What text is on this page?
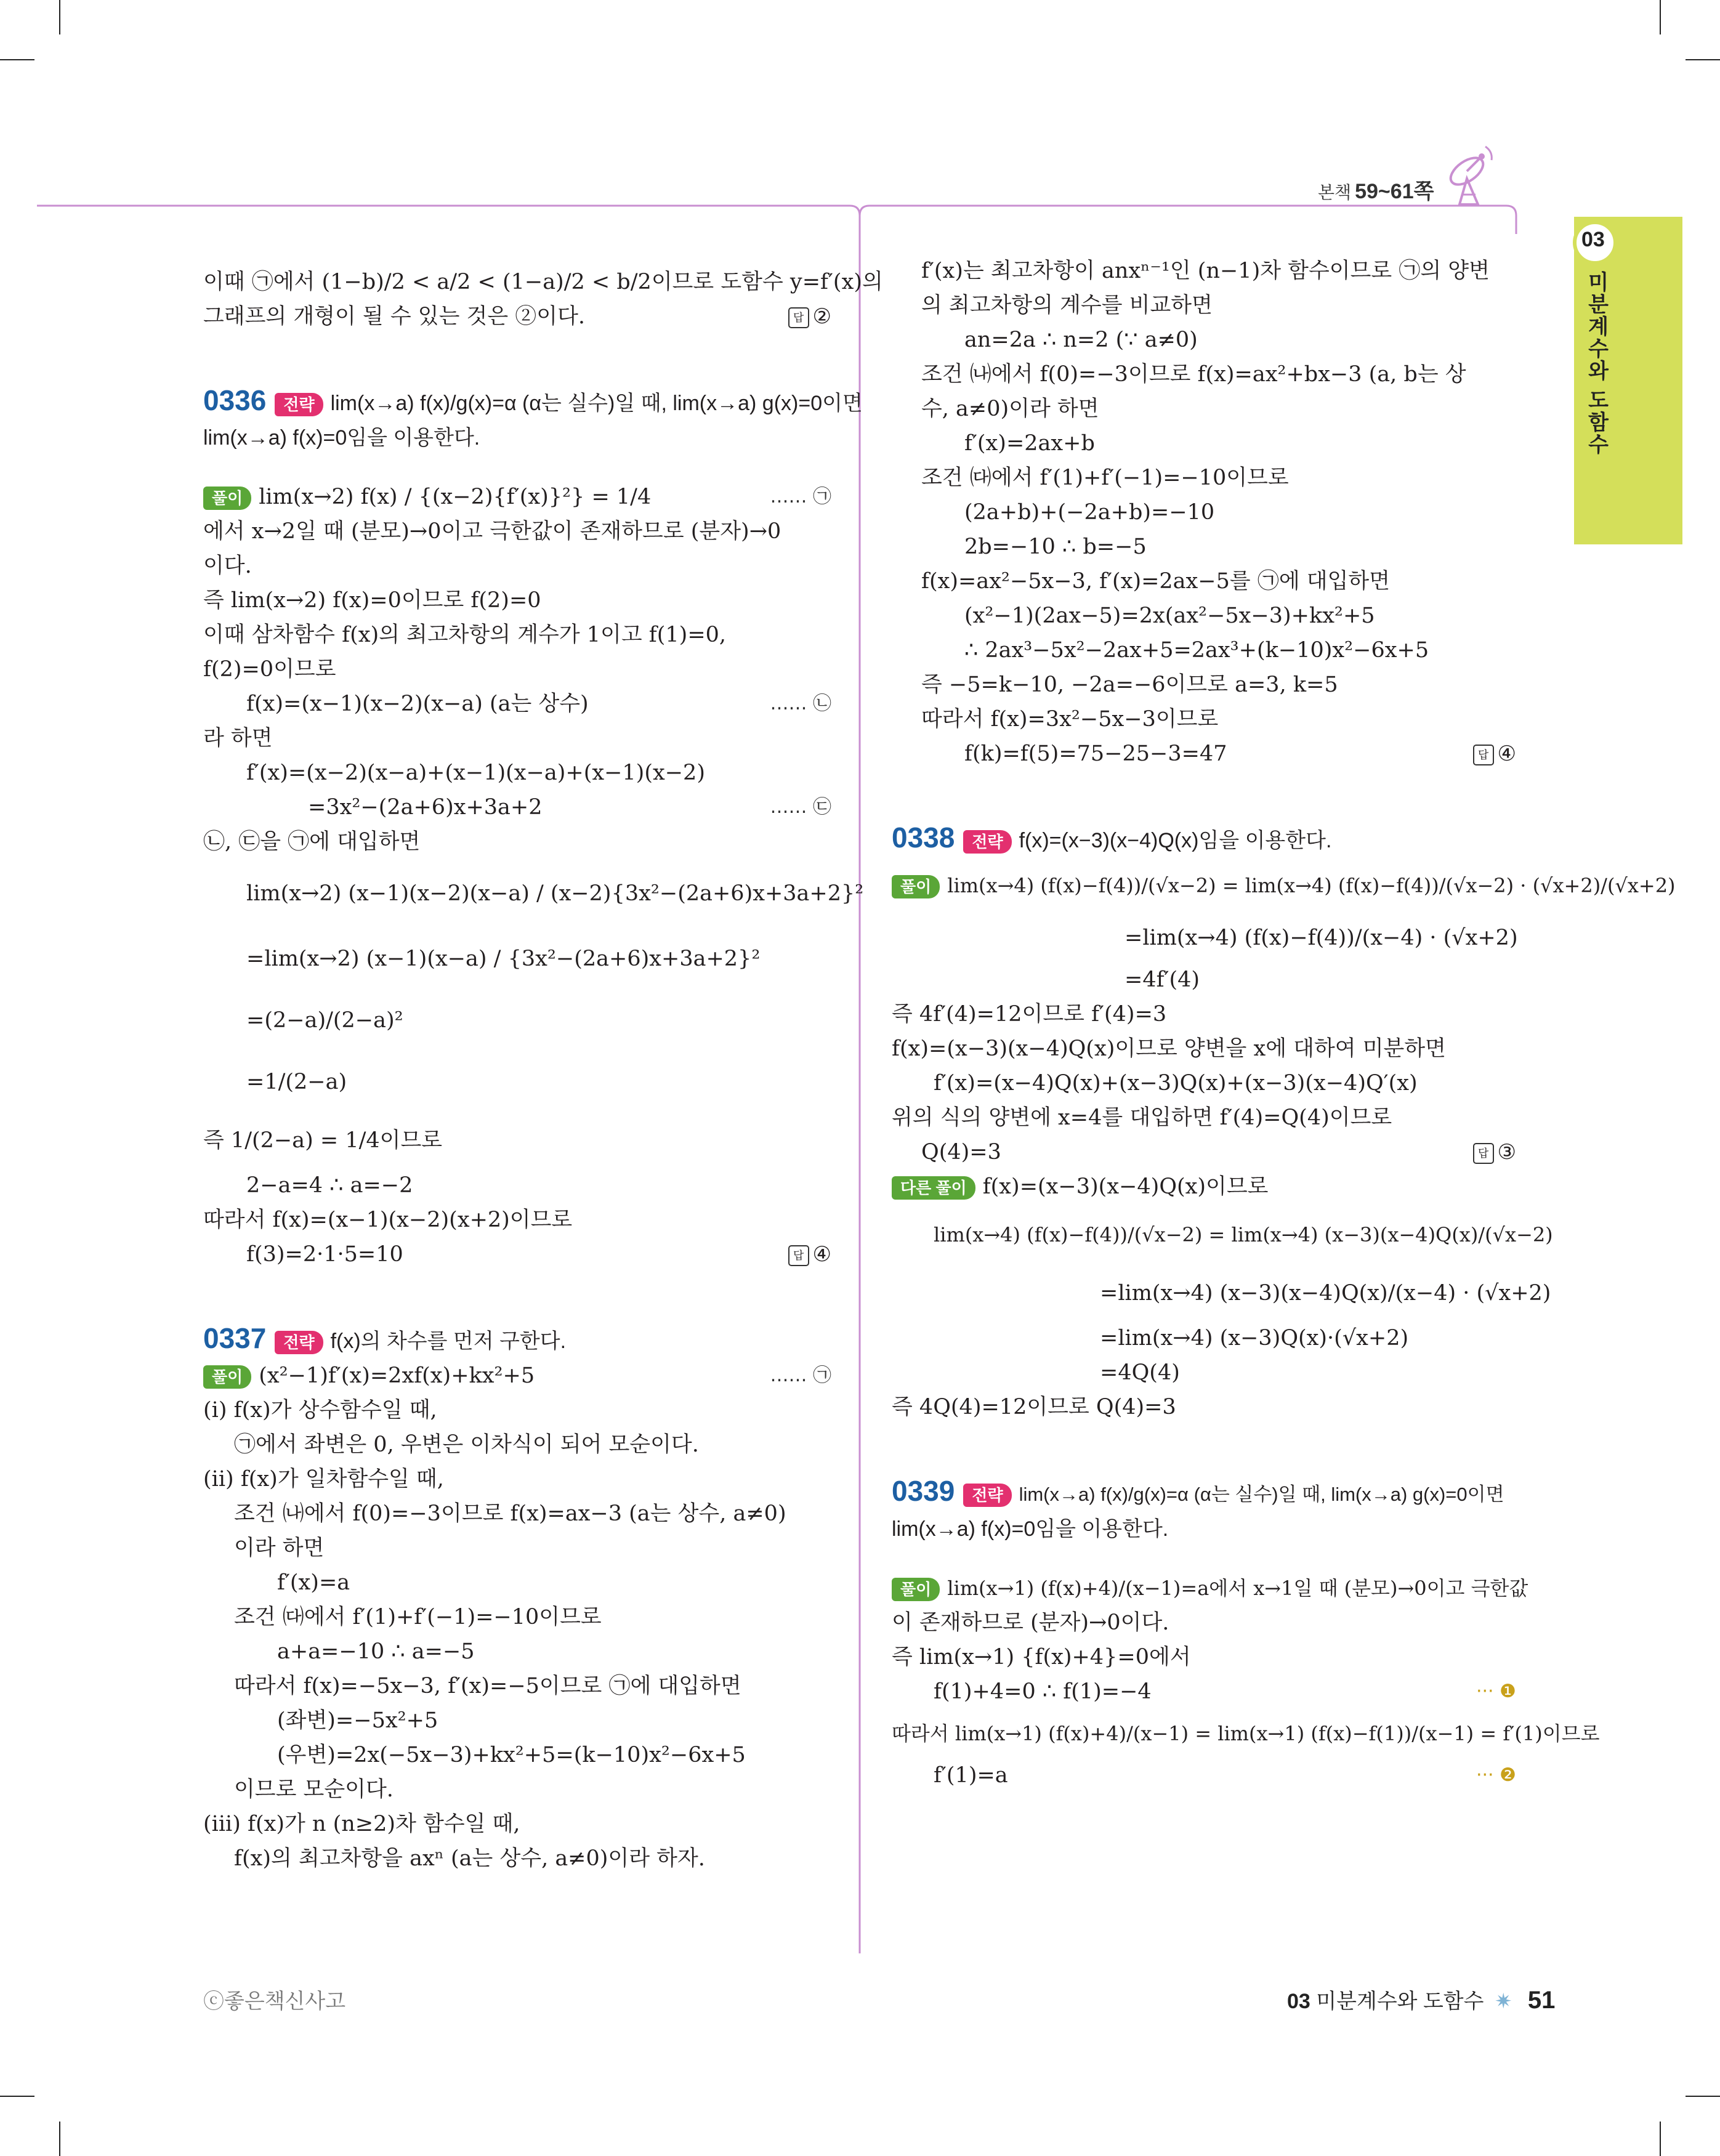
본책 59~61쪽
03
미분계수와 도함수
이때 ㉠에서 (1−b)/2 < a/2 < (1−a)/2 < b/2이므로 도함수 y=f′(x)의
그래프의 개형이 될 수 있는 것은 ②이다.	답 ②
0336 전략 lim(x→a) f(x)/g(x)=α (α는 실수)일 때, lim(x→a) g(x)=0이면
lim(x→a) f(x)=0임을 이용한다.
풀이 lim(x→2) f(x) / {(x−2){f′(x)}²} = 1/4	…… ㉠
에서 x→2일 때 (분모)→0이고 극한값이 존재하므로 (분자)→0
이다.
즉 lim(x→2) f(x)=0이므로 f(2)=0
이때 삼차함수 f(x)의 최고차항의 계수가 1이고 f(1)=0,
f(2)=0이므로
f(x)=(x−1)(x−2)(x−a) (a는 상수)	…… ㉡
라 하면
f′(x)=(x−2)(x−a)+(x−1)(x−a)+(x−1)(x−2)
=3x²−(2a+6)x+3a+2	…… ㉢
㉡, ㉢을 ㉠에 대입하면
lim(x→2) (x−1)(x−2)(x−a) / (x−2){3x²−(2a+6)x+3a+2}²
=lim(x→2) (x−1)(x−a) / {3x²−(2a+6)x+3a+2}²
=(2−a)/(2−a)²
=1/(2−a)
즉 1/(2−a) = 1/4이므로
2−a=4 ∴ a=−2
따라서 f(x)=(x−1)(x−2)(x+2)이므로
f(3)=2·1·5=10	답 ④
0337 전략 f(x)의 차수를 먼저 구한다.
풀이 (x²−1)f′(x)=2xf(x)+kx²+5	…… ㉠
(i) f(x)가 상수함수일 때,
㉠에서 좌변은 0, 우변은 이차식이 되어 모순이다.
(ii) f(x)가 일차함수일 때,
조건 ㈏에서 f(0)=−3이므로 f(x)=ax−3 (a는 상수, a≠0)
이라 하면
f′(x)=a
조건 ㈐에서 f′(1)+f′(−1)=−10이므로
a+a=−10 ∴ a=−5
따라서 f(x)=−5x−3, f′(x)=−5이므로 ㉠에 대입하면
(좌변)=−5x²+5
(우변)=2x(−5x−3)+kx²+5=(k−10)x²−6x+5
이므로 모순이다.
(iii) f(x)가 n (n≥2)차 함수일 때,
f(x)의 최고차항을 axⁿ (a는 상수, a≠0)이라 하자.
f′(x)는 최고차항이 anxⁿ⁻¹인 (n−1)차 함수이므로 ㉠의 양변
의 최고차항의 계수를 비교하면
an=2a ∴ n=2 (∵ a≠0)
조건 ㈏에서 f(0)=−3이므로 f(x)=ax²+bx−3 (a, b는 상
수, a≠0)이라 하면
f′(x)=2ax+b
조건 ㈐에서 f′(1)+f′(−1)=−10이므로
(2a+b)+(−2a+b)=−10
2b=−10 ∴ b=−5
f(x)=ax²−5x−3, f′(x)=2ax−5를 ㉠에 대입하면
(x²−1)(2ax−5)=2x(ax²−5x−3)+kx²+5
∴ 2ax³−5x²−2ax+5=2ax³+(k−10)x²−6x+5
즉 −5=k−10, −2a=−6이므로 a=3, k=5
따라서 f(x)=3x²−5x−3이므로
f(k)=f(5)=75−25−3=47	답 ④
0338 전략 f(x)=(x−3)(x−4)Q(x)임을 이용한다.
풀이 lim(x→4) (f(x)−f(4))/(√x−2) = lim(x→4) (f(x)−f(4))/(√x−2) · (√x+2)/(√x+2)
=lim(x→4) (f(x)−f(4))/(x−4) · (√x+2)
=4f′(4)
즉 4f′(4)=12이므로 f′(4)=3
f(x)=(x−3)(x−4)Q(x)이므로 양변을 x에 대하여 미분하면
f′(x)=(x−4)Q(x)+(x−3)Q(x)+(x−3)(x−4)Q′(x)
위의 식의 양변에 x=4를 대입하면 f′(4)=Q(4)이므로
Q(4)=3	답 ③
다른 풀이 f(x)=(x−3)(x−4)Q(x)이므로
lim(x→4) (f(x)−f(4))/(√x−2) = lim(x→4) (x−3)(x−4)Q(x)/(√x−2)
=lim(x→4) (x−3)(x−4)Q(x)/(x−4) · (√x+2)
=lim(x→4) (x−3)Q(x)·(√x+2)
=4Q(4)
즉 4Q(4)=12이므로 Q(4)=3
0339 전략 lim(x→a) f(x)/g(x)=α (α는 실수)일 때, lim(x→a) g(x)=0이면
lim(x→a) f(x)=0임을 이용한다.
풀이 lim(x→1) (f(x)+4)/(x−1)=a에서 x→1일 때 (분모)→0이고 극한값
이 존재하므로 (분자)→0이다.
즉 lim(x→1) {f(x)+4}=0에서
f(1)+4=0 ∴ f(1)=−4	··· ❶
따라서 lim(x→1) (f(x)+4)/(x−1) = lim(x→1) (f(x)−f(1))/(x−1) = f′(1)이므로
f′(1)=a	··· ❷
ⓒ좋은책신사고	03 미분계수와 도함수 ✷ 51
